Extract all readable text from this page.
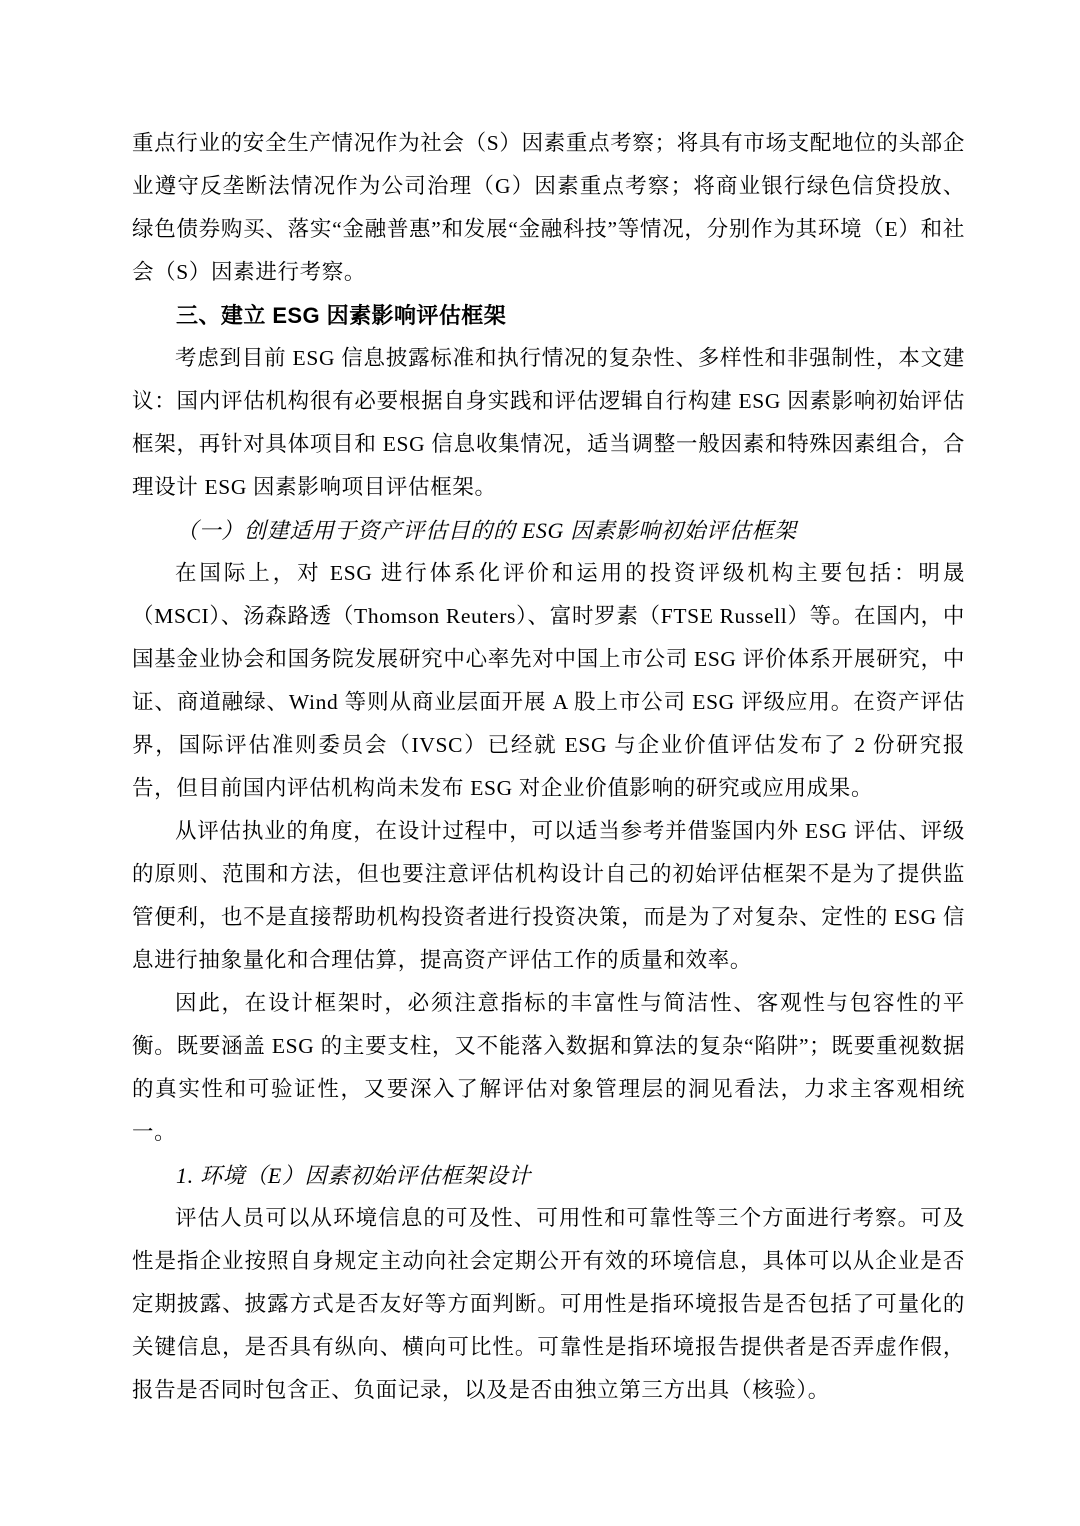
重点行业的安全生产情况作为社会（S）因素重点考察；将具有市场支配地位的头部企业遵守反垄断法情况作为公司治理（G）因素重点考察；将商业银行绿色信贷投放、绿色债券购买、落实“金融普惠”和发展“金融科技”等情况，分别作为其环境（E）和社会（S）因素进行考察。

三、建立 ESG 因素影响评估框架

考虑到目前 ESG 信息披露标准和执行情况的复杂性、多样性和非强制性，本文建议：国内评估机构很有必要根据自身实践和评估逻辑自行构建 ESG 因素影响初始评估框架，再针对具体项目和 ESG 信息收集情况，适当调整一般因素和特殊因素组合，合理设计 ESG 因素影响项目评估框架。

（一）创建适用于资产评估目的的 ESG 因素影响初始评估框架

在国际上，对 ESG 进行体系化评价和运用的投资评级机构主要包括：明晟（MSCI）、汤森路透（Thomson Reuters）、富时罗素（FTSE Russell）等。在国内，中国基金业协会和国务院发展研究中心率先对中国上市公司 ESG 评价体系开展研究，中证、商道融绿、Wind 等则从商业层面开展 A 股上市公司 ESG 评级应用。在资产评估界，国际评估准则委员会（IVSC）已经就 ESG 与企业价值评估发布了 2 份研究报告，但目前国内评估机构尚未发布 ESG 对企业价值影响的研究或应用成果。

从评估执业的角度，在设计过程中，可以适当参考并借鉴国内外 ESG 评估、评级的原则、范围和方法，但也要注意评估机构设计自己的初始评估框架不是为了提供监管便利，也不是直接帮助机构投资者进行投资决策，而是为了对复杂、定性的 ESG 信息进行抽象量化和合理估算，提高资产评估工作的质量和效率。

因此，在设计框架时，必须注意指标的丰富性与简洁性、客观性与包容性的平衡。既要涵盖 ESG 的主要支柱，又不能落入数据和算法的复杂“陷阱”；既要重视数据的真实性和可验证性，又要深入了解评估对象管理层的洞见看法，力求主客观相统一。

1. 环境（E）因素初始评估框架设计

评估人员可以从环境信息的可及性、可用性和可靠性等三个方面进行考察。可及性是指企业按照自身规定主动向社会定期公开有效的环境信息，具体可以从企业是否定期披露、披露方式是否友好等方面判断。可用性是指环境报告是否包括了可量化的关键信息，是否具有纵向、横向可比性。可靠性是指环境报告提供者是否弄虚作假，报告是否同时包含正、负面记录，以及是否由独立第三方出具（核验）。
